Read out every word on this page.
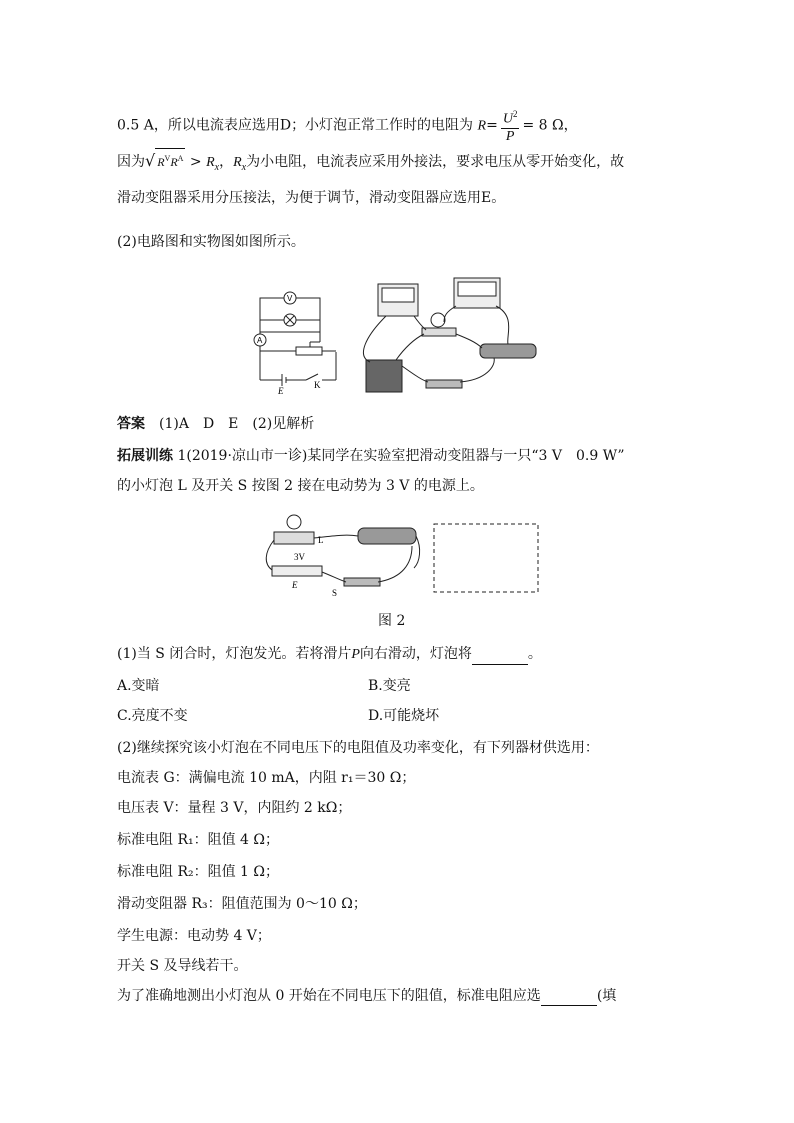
0.5 A，所以电流表应选用D；小灯泡正常工作时的电阻为 $R= \frac{U^2}{P} = 8$ Ω，
因为√ $R^VR^A > R_x$，$R_x$为小电阻，电流表应采用外接法，要求电压从零开始变化，故
滑动变阻器采用分压接法，为便于调节，滑动变阻器应选用E。
(2)电路图和实物图如图所示。
V
A
E
K
答案　 (1)A　D　E　(2)见解析
拓展训练 1(2019·凉山市一诊)某同学在实验室把滑动变阻器与一只“3 V　0.9 W”
的小灯泡 L 及开关 S 按图 2 接在电动势为 3 V 的电源上。
L
3V
E
S
图 2
(1)当 S 闭合时，灯泡发光。若将滑片P向右滑动，灯泡将	。
A.变暗	B.变亮
C.亮度不变	D.可能烧坏
(2)继续探究该小灯泡在不同电压下的电阻值及功率变化，有下列器材供选用：
电流表 G：满偏电流 10 mA，内阻 r₁＝30 Ω；
电压表 V：量程 3 V，内阻约 2 kΩ；
标准电阻 R₁：阻值 4 Ω；
标准电阻 R₂：阻值 1 Ω；
滑动变阻器 R₃：阻值范围为 0～10 Ω；
学生电源：电动势 4 V；
开关 S 及导线若干。
为了准确地测出小灯泡从 0 开始在不同电压下的阻值，标准电阻应选	(填
